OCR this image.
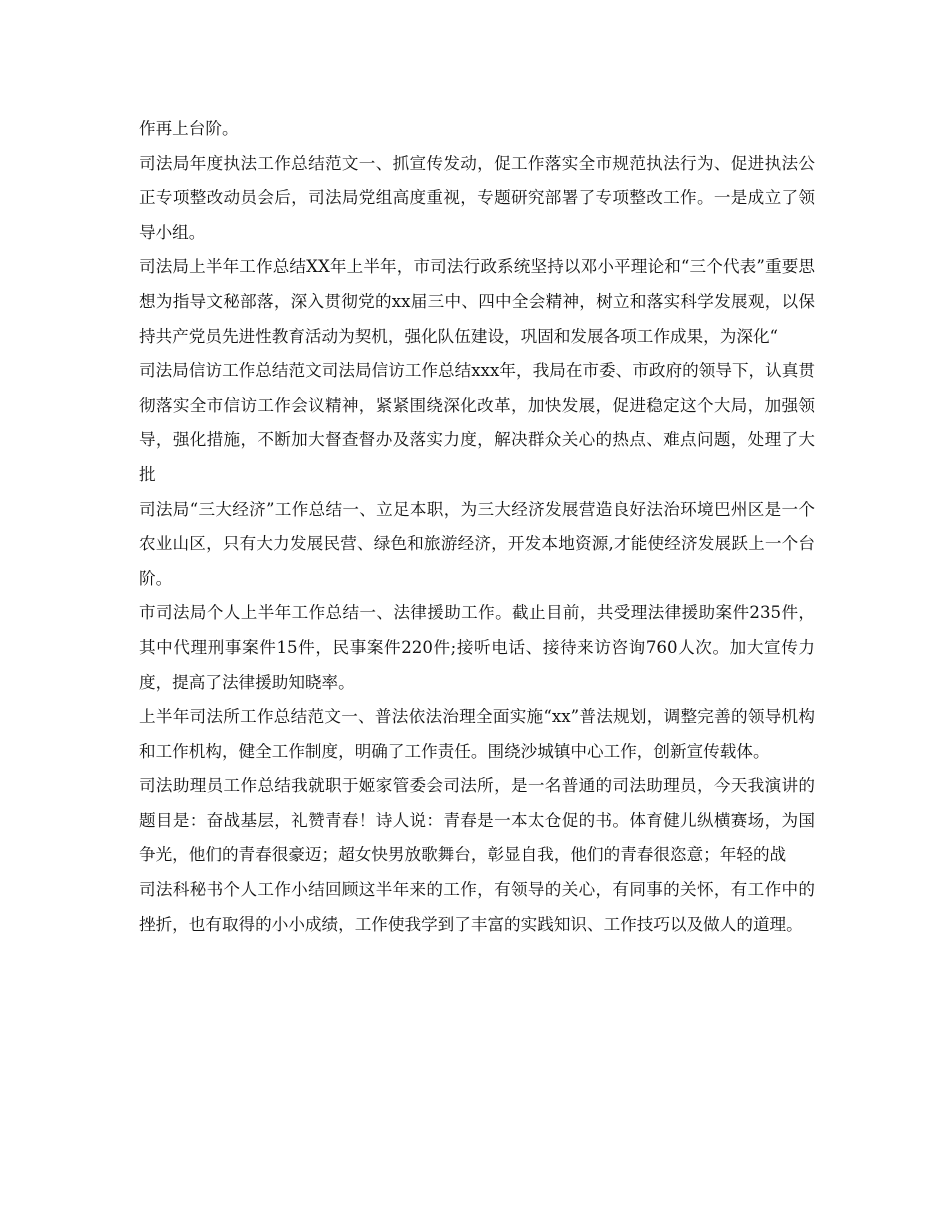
作再上台阶。

司法局年度执法工作总结范文一、抓宣传发动，促工作落实全市规范执法行为、促进执法公正专项整改动员会后，司法局党组高度重视，专题研究部署了专项整改工作。一是成立了领导小组。

司法局上半年工作总结XX年上半年，市司法行政系统坚持以邓小平理论和“三个代表”重要思想为指导文秘部落，深入贯彻党的xx届三中、四中全会精神，树立和落实科学发展观，以保持共产党员先进性教育活动为契机，强化队伍建设，巩固和发展各项工作成果，为深化“

司法局信访工作总结范文司法局信访工作总结xxx年，我局在市委、市政府的领导下，认真贯彻落实全市信访工作会议精神，紧紧围绕深化改革，加快发展，促进稳定这个大局，加强领导，强化措施，不断加大督查督办及落实力度，解决群众关心的热点、难点问题，处理了大批

司法局“三大经济”工作总结一、立足本职，为三大经济发展营造良好法治环境巴州区是一个农业山区，只有大力发展民营、绿色和旅游经济，开发本地资源,才能使经济发展跃上一个台阶。

市司法局个人上半年工作总结一、法律援助工作。截止目前，共受理法律援助案件235件，其中代理刑事案件15件，民事案件220件;接听电话、接待来访咨询760人次。加大宣传力度，提高了法律援助知晓率。

上半年司法所工作总结范文一、普法依法治理全面实施“xx”普法规划，调整完善的领导机构和工作机构，健全工作制度，明确了工作责任。围绕沙城镇中心工作，创新宣传载体。

司法助理员工作总结我就职于姬家管委会司法所，是一名普通的司法助理员，今天我演讲的题目是：奋战基层，礼赞青春！诗人说：青春是一本太仓促的书。体育健儿纵横赛场，为国争光，他们的青春很豪迈；超女快男放歌舞台，彰显自我，他们的青春很恣意；年轻的战

司法科秘书个人工作小结回顾这半年来的工作，有领导的关心，有同事的关怀，有工作中的挫折，也有取得的小小成绩，工作使我学到了丰富的实践知识、工作技巧以及做人的道理。
